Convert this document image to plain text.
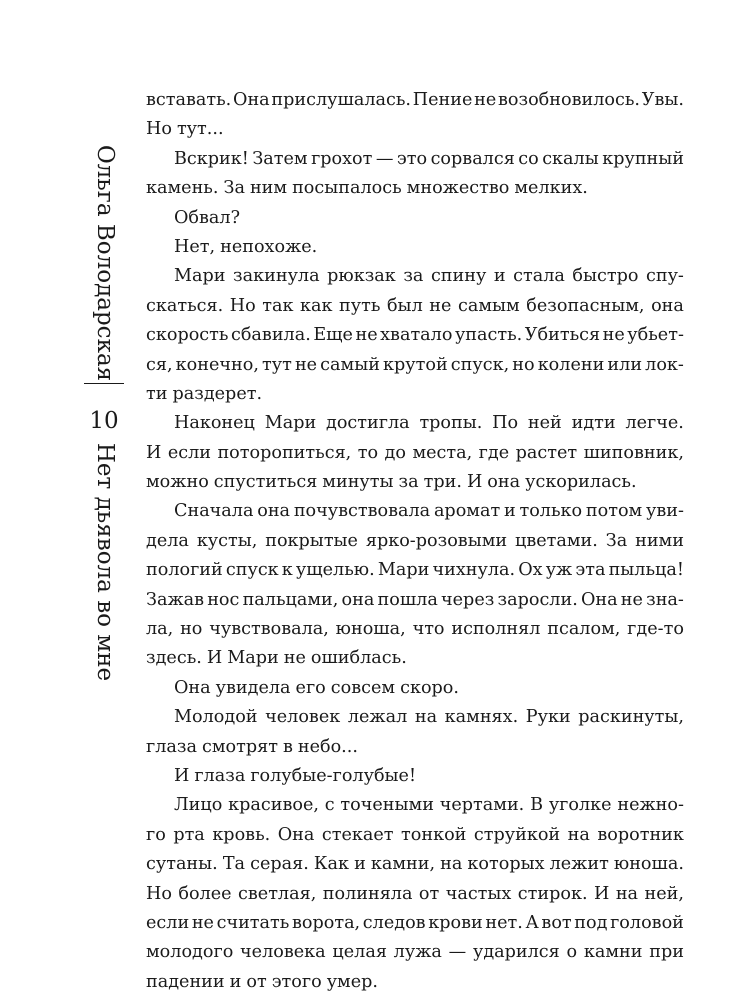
Ольга Володарская
10
Нет дьявола во мне
вставать. Она прислушалась. Пение не возобновилось. Увы.
Но тут...
Вскрик! Затем грохот — это сорвался со скалы крупный
камень. За ним посыпалось множество мелких.
Обвал?
Нет, непохоже.
Мари закинула рюкзак за спину и стала быстро спу-
скаться. Но так как путь был не самым безопасным, она
скорость сбавила. Еще не хватало упасть. Убиться не убьет-
ся, конечно, тут не самый крутой спуск, но колени или лок-
ти раздерет.
Наконец Мари достигла тропы. По ней идти легче.
И если поторопиться, то до места, где растет шиповник,
можно спуститься минуты за три. И она ускорилась.
Сначала она почувствовала аромат и только потом уви-
дела кусты, покрытые ярко-розовыми цветами. За ними
пологий спуск к ущелью. Мари чихнула. Ох уж эта пыльца!
Зажав нос пальцами, она пошла через заросли. Она не зна-
ла, но чувствовала, юноша, что исполнял псалом, где-то
здесь. И Мари не ошиблась.
Она увидела его совсем скоро.
Молодой человек лежал на камнях. Руки раскинуты,
глаза смотрят в небо...
И глаза голубые-голубые!
Лицо красивое, с точеными чертами. В уголке нежно-
го рта кровь. Она стекает тонкой струйкой на воротник
сутаны. Та серая. Как и камни, на которых лежит юноша.
Но более светлая, полиняла от частых стирок. И на ней,
если не считать ворота, следов крови нет. А вот под головой
молодого человека целая лужа — ударился о камни при
падении и от этого умер.
